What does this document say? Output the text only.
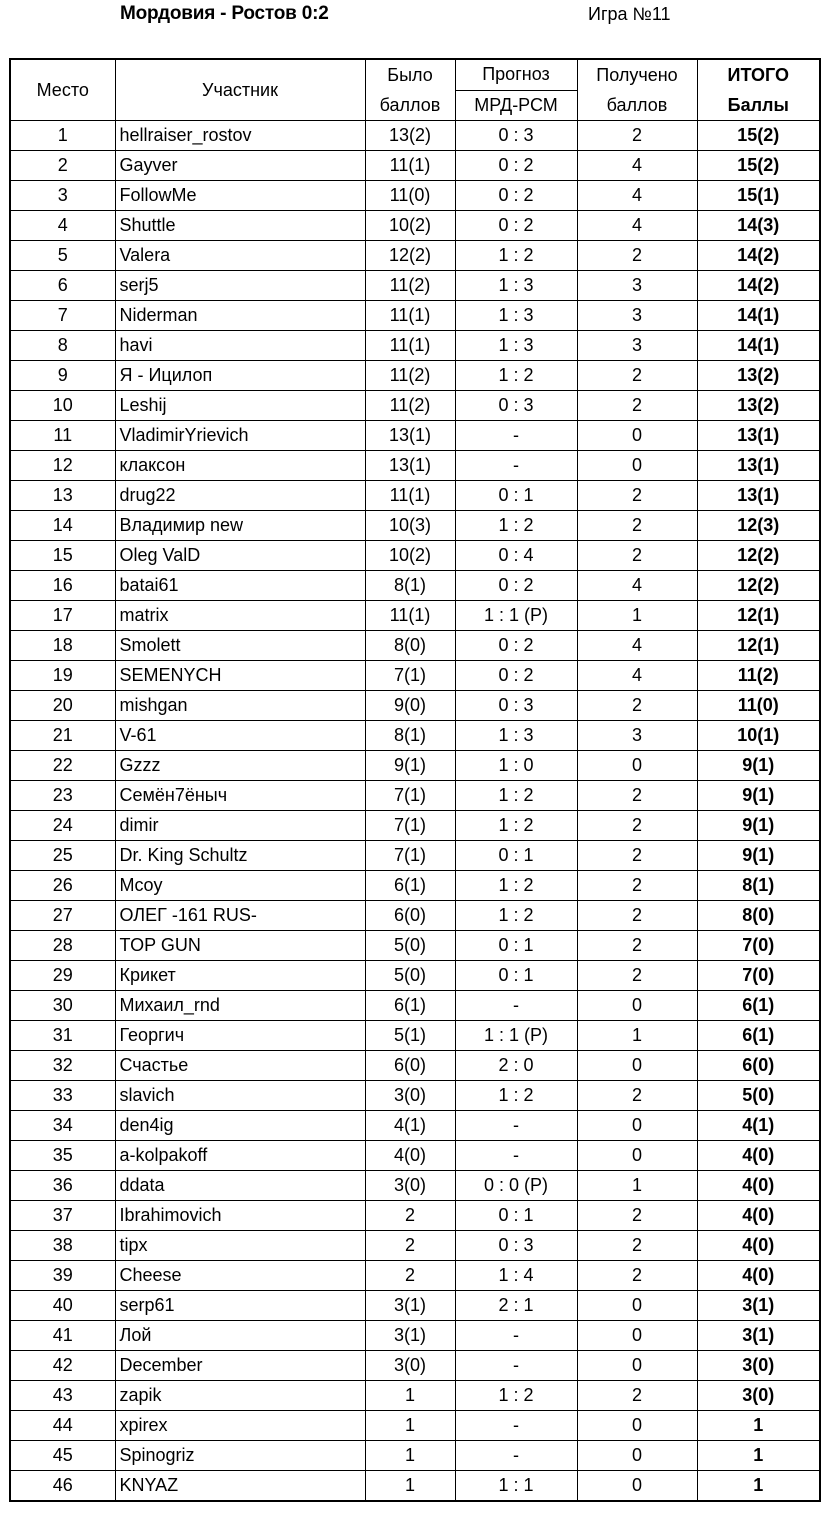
Мордовия - Ростов 0:2	Игра №11
Место	Участник	Было	Прогноз	Получено	ИТОГО
		баллов	МРД-РСМ	баллов	Баллы
1	hellraiser_rostov	13(2)	0 : 3	2	15(2)
2	Gayver	11(1)	0 : 2	4	15(2)
3	FollowMe	11(0)	0 : 2	4	15(1)
4	Shuttle	10(2)	0 : 2	4	14(3)
5	Valera	12(2)	1 : 2	2	14(2)
6	serj5	11(2)	1 : 3	3	14(2)
7	Niderman	11(1)	1 : 3	3	14(1)
8	havi	11(1)	1 : 3	3	14(1)
9	Я - Ицилоп	11(2)	1 : 2	2	13(2)
10	Leshij	11(2)	0 : 3	2	13(2)
11	VladimirYrievich	13(1)	-	0	13(1)
12	клаксон	13(1)	-	0	13(1)
13	drug22	11(1)	0 : 1	2	13(1)
14	Владимир new	10(3)	1 : 2	2	12(3)
15	Oleg ValD	10(2)	0 : 4	2	12(2)
16	batai61	8(1)	0 : 2	4	12(2)
17	matrix	11(1)	1 : 1 (Р)	1	12(1)
18	Smolett	8(0)	0 : 2	4	12(1)
19	SEMENYCH	7(1)	0 : 2	4	11(2)
20	mishgan	9(0)	0 : 3	2	11(0)
21	V-61	8(1)	1 : 3	3	10(1)
22	Gzzz	9(1)	1 : 0	0	9(1)
23	Семён7ёныч	7(1)	1 : 2	2	9(1)
24	dimir	7(1)	1 : 2	2	9(1)
25	Dr. King Schultz	7(1)	0 : 1	2	9(1)
26	Mcoy	6(1)	1 : 2	2	8(1)
27	ОЛЕГ -161 RUS-	6(0)	1 : 2	2	8(0)
28	TOP GUN	5(0)	0 : 1	2	7(0)
29	Крикет	5(0)	0 : 1	2	7(0)
30	Михаил_rnd	6(1)	-	0	6(1)
31	Георгич	5(1)	1 : 1 (Р)	1	6(1)
32	Счастье	6(0)	2 : 0	0	6(0)
33	slavich	3(0)	1 : 2	2	5(0)
34	den4ig	4(1)	-	0	4(1)
35	a-kolpakoff	4(0)	-	0	4(0)
36	ddata	3(0)	0 : 0 (Р)	1	4(0)
37	Ibrahimovich	2	0 : 1	2	4(0)
38	tipx	2	0 : 3	2	4(0)
39	Cheese	2	1 : 4	2	4(0)
40	serp61	3(1)	2 : 1	0	3(1)
41	Лой	3(1)	-	0	3(1)
42	December	3(0)	-	0	3(0)
43	zapik	1	1 : 2	2	3(0)
44	xpirex	1	-	0	1
45	Spinogriz	1	-	0	1
46	KNYAZ	1	1 : 1	0	1
